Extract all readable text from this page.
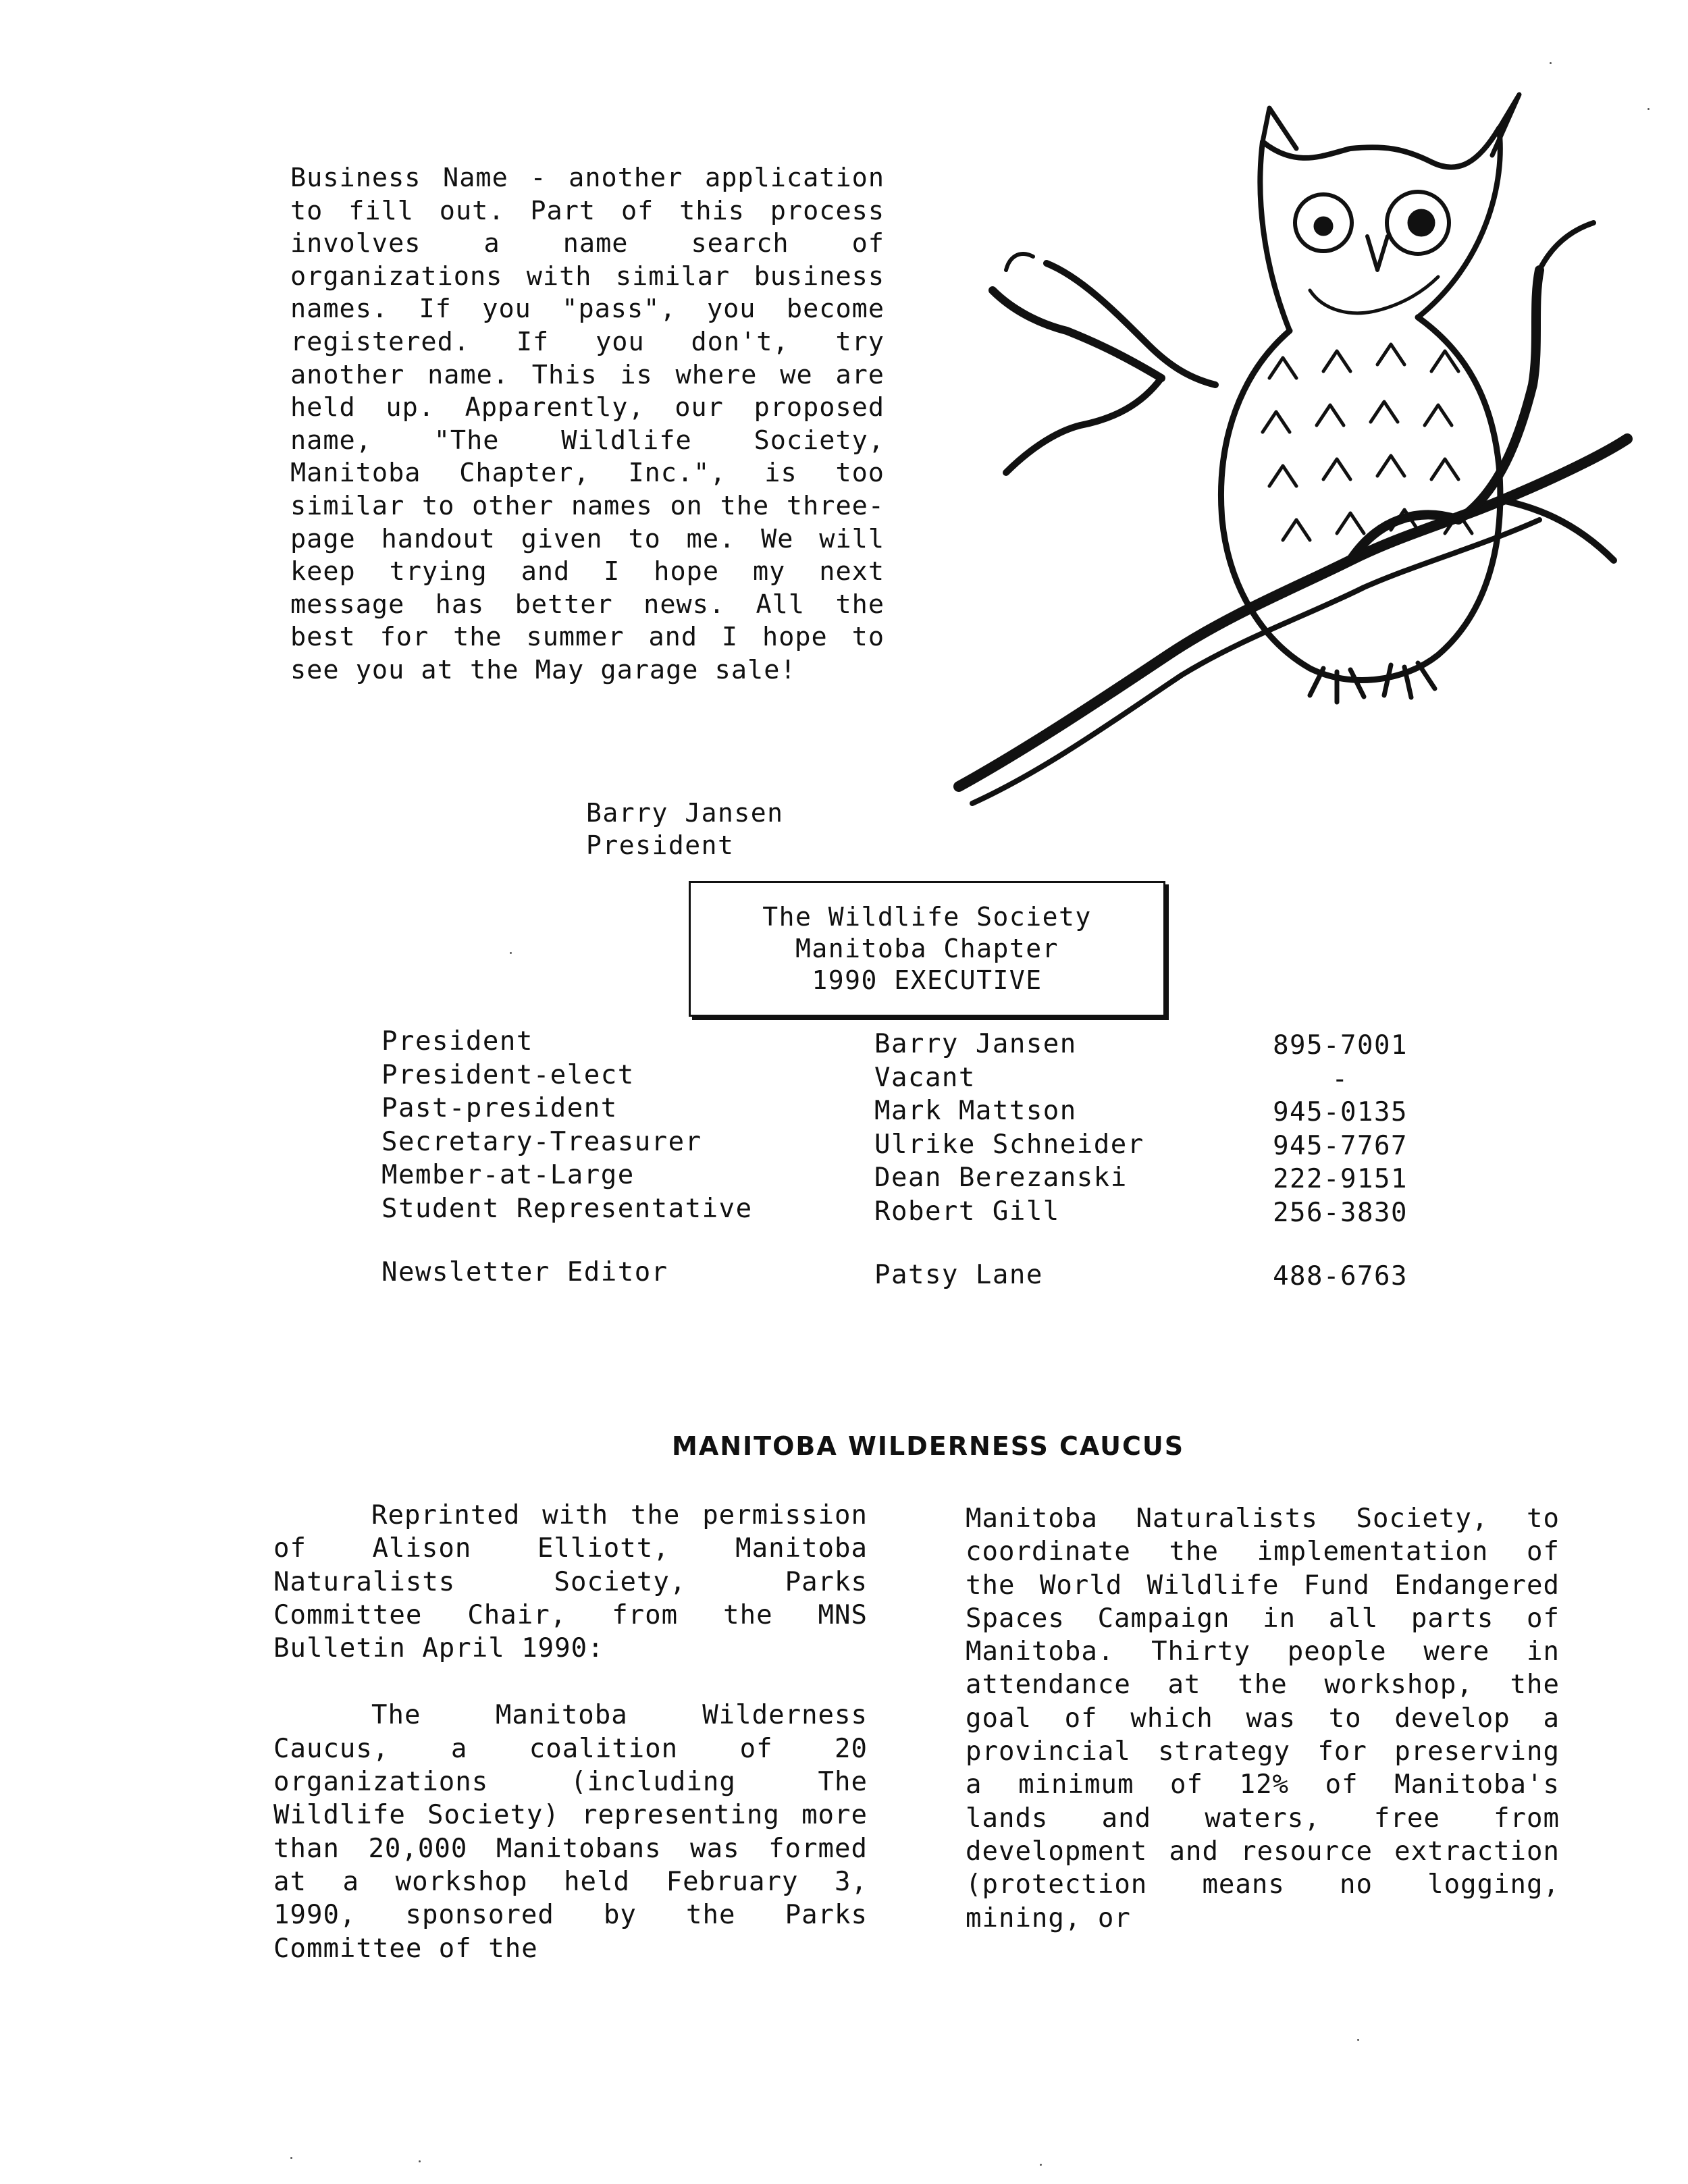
Business Name - another application to fill out. Part of this process involves a name search of organizations with similar business names. If you "pass", you become registered. If you don't, try another name. This is where we are held up. Apparently, our proposed name, "The Wildlife Society, Manitoba Chapter, Inc.", is too similar to other names on the three-page handout given to me. We will keep trying and I hope my next message has better news. All the best for the summer and I hope to see you at the May garage sale!

Barry Jansen
President
The Wildlife Society
Manitoba Chapter
1990 EXECUTIVE
President	Barry Jansen	895-7001
President-elect	Vacant	-
Past-president	Mark Mattson	945-0135
Secretary-Treasurer	Ulrike Schneider	945-7767
Member-at-Large	Dean Berezanski	222-9151
Student Representative	Robert Gill	256-3830
Newsletter Editor	Patsy Lane	488-6763
MANITOBA WILDERNESS CAUCUS

Reprinted with the permission of Alison Elliott, Manitoba Naturalists Society, Parks Committee Chair, from the MNS Bulletin April 1990:

The Manitoba Wilderness Caucus, a coalition of 20 organizations (including The Wildlife Society) representing more than 20,000 Manitobans was formed at a workshop held February 3, 1990, sponsored by the Parks Committee of the

Manitoba Naturalists Society, to coordinate the implementation of the World Wildlife Fund Endangered Spaces Campaign in all parts of Manitoba. Thirty people were in attendance at the workshop, the goal of which was to develop a provincial strategy for preserving a minimum of 12% of Manitoba's lands and waters, free from development and resource extraction (protection means no logging, mining, or
